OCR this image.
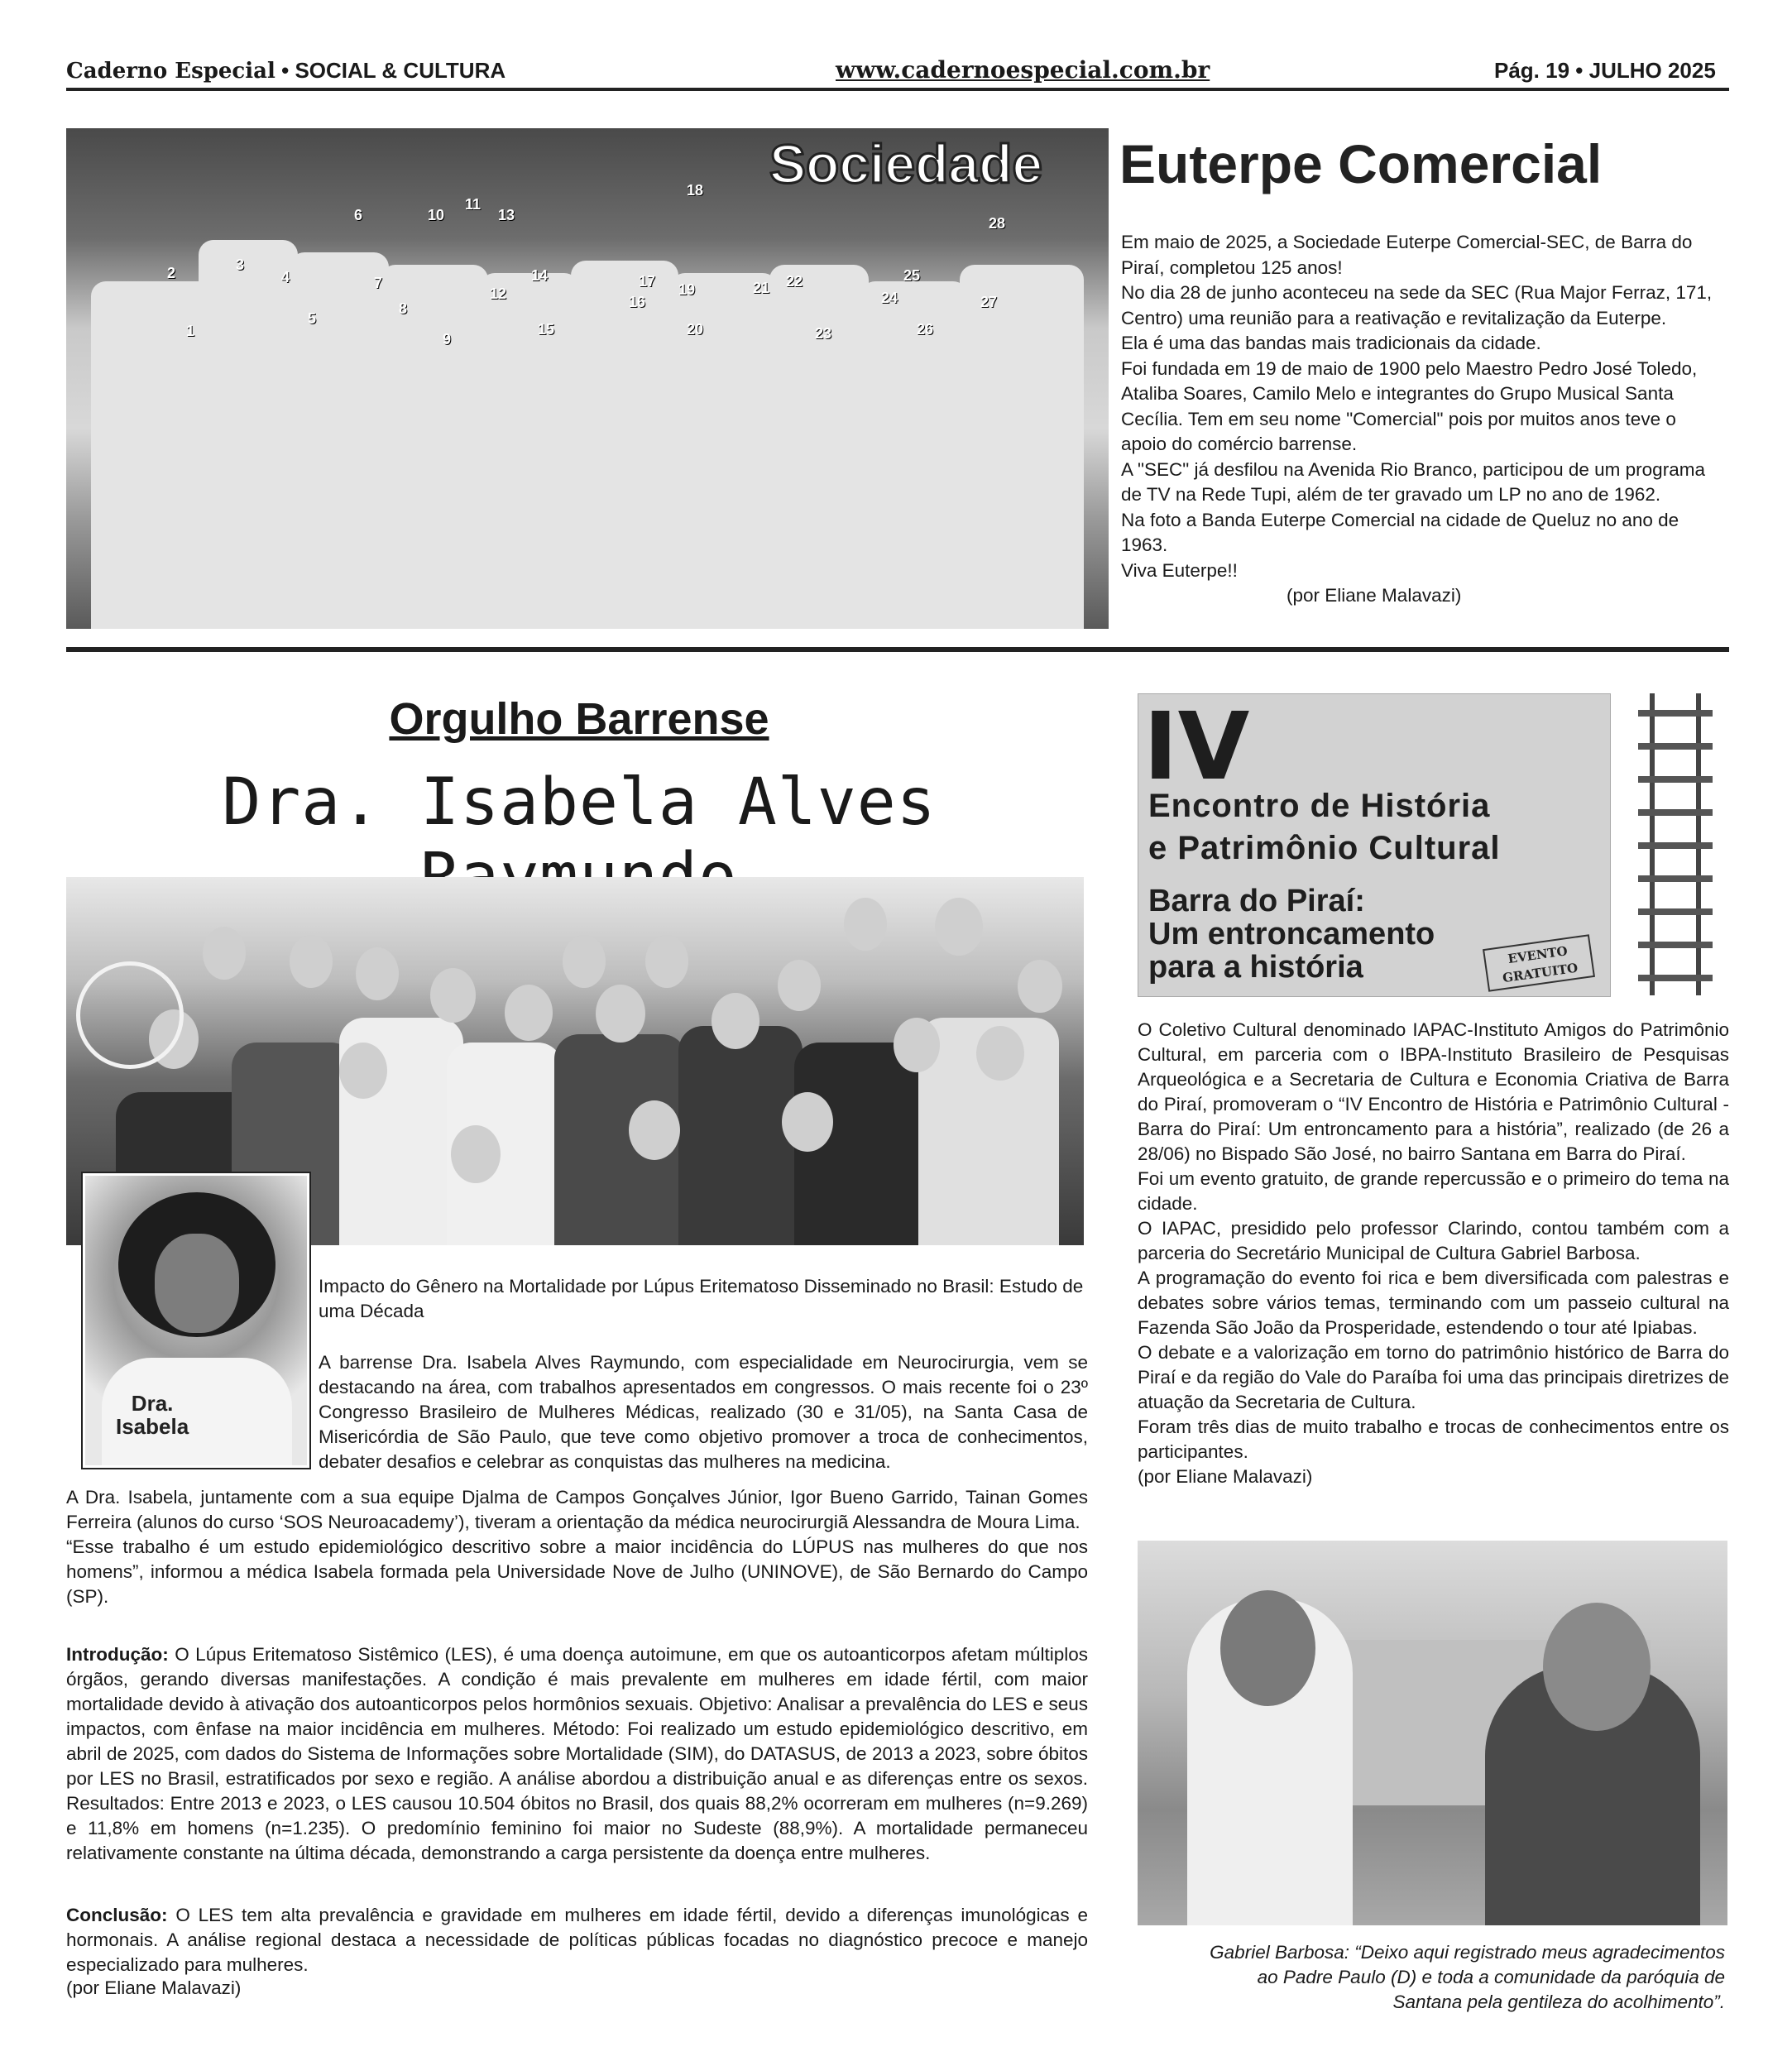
Caderno Especial • SOCIAL & CULTURA	www.cadernoespecial.com.br	Pág. 19 • JULHO 2025
1
2	3
4
5
6
7
8
9
10
11
12
13
14
15
16
17
18
19
20
21 22
23
24
25
26
27
28
Sociedade Euterpe Comercial

Em maio de 2025, a Sociedade Euterpe Comercial-SEC, de Barra do Piraí, completou 125 anos!

No dia 28 de junho aconteceu na sede da SEC (Rua Major Ferraz, 171, Centro) uma reunião para a reativação e revitalização da Euterpe.

Ela é uma das bandas mais tradicionais da cidade.

Foi fundada em 19 de maio de 1900 pelo Maestro Pedro José Toledo, Ataliba Soares, Camilo Melo e integrantes do Grupo Musical Santa Cecília. Tem em seu nome "Comercial" pois por muitos anos teve o apoio do comércio barrense.

A "SEC" já desfilou na Avenida Rio Branco, participou de um programa de TV na Rede Tupi, além de ter gravado um LP no ano de 1962.

Na foto a Banda Euterpe Comercial na cidade de Queluz no ano de 1963.

Viva Euterpe!!

(por Eliane Malavazi)

Orgulho Barrense
Dra. Isabela Alves
Dra.
Isabela
Impacto do Gênero na Mortalidade por Lúpus Eritematoso Disseminado no Brasil: Estudo de uma Década
A barrense Dra. Isabela Alves Raymundo, com especialidade em Neurocirurgia, vem se destacando na área, com trabalhos apresentados em congressos. O mais recente foi o 23º Congresso Brasileiro de Mulheres Médicas, realizado (30 e 31/05), na Santa Casa de Misericórdia de São Paulo, que teve como objetivo promover a troca de conhecimentos, debater desafios e celebrar as conquistas das mulheres na medicina.

A Dra. Isabela, juntamente com a sua equipe Djalma de Campos Gonçalves Júnior, Igor Bueno Garrido, Tainan Gomes Ferreira (alunos do curso ‘SOS Neuroacademy’), tiveram a orientação da médica neurocirurgiã Alessandra de Moura Lima.

“Esse trabalho é um estudo epidemiológico descritivo sobre a maior incidência do LÚPUS nas mulheres do que nos homens”, informou a médica Isabela formada pela Universidade Nove de Julho (UNINOVE), de São Bernardo do Campo (SP).

Introdução: O Lúpus Eritematoso Sistêmico (LES), é uma doença autoimune, em que os autoanticorpos afetam múltiplos órgãos, gerando diversas manifestações. A condição é mais prevalente em mulheres em idade fértil, com maior mortalidade devido à ativação dos autoanticorpos pelos hormônios sexuais. Objetivo: Analisar a prevalência do LES e seus impactos, com ênfase na maior incidência em mulheres. Método: Foi realizado um estudo epidemiológico descritivo, em abril de 2025, com dados do Sistema de Informações sobre Mortalidade (SIM), do DATASUS, de 2013 a 2023, sobre óbitos por LES no Brasil, estratificados por sexo e região. A análise abordou a distribuição anual e as diferenças entre os sexos. Resultados: Entre 2013 e 2023, o LES causou 10.504 óbitos no Brasil, dos quais 88,2% ocorreram em mulheres (n=9.269) e 11,8% em homens (n=1.235). O predomínio feminino foi maior no Sudeste (88,9%). A mortalidade permaneceu relativamente constante na última década, demonstrando a carga persistente da doença entre mulheres.
Conclusão: O LES tem alta prevalência e gravidade em mulheres em idade fértil, devido a diferenças imunológicas e hormonais. A análise regional destaca a necessidade de políticas públicas focadas no diagnóstico precoce e manejo especializado para mulheres.
(por Eliane Malavazi)
IV
Encontro de História
e Patrimônio Cultural
Barra do Piraí:
Um entroncamento
para a história	EVENTO
GRATUITO

O Coletivo Cultural denominado IAPAC-Instituto Amigos do Patrimônio Cultural, em parceria com o IBPA-Instituto Brasileiro de Pesquisas Arqueológica e a Secretaria de Cultura e Economia Criativa de Barra do Piraí, promoveram o “IV Encontro de História e Patrimônio Cultural - Barra do Piraí: Um entroncamento para a história”, realizado (de 26 a 28/06) no Bispado São José, no bairro Santana em Barra do Piraí.

Foi um evento gratuito, de grande repercussão e o primeiro do tema na cidade.

O IAPAC, presidido pelo professor Clarindo, contou também com a parceria do Secretário Municipal de Cultura Gabriel Barbosa.

A programação do evento foi rica e bem diversificada com palestras e debates sobre vários temas, terminando com um passeio cultural na Fazenda São João da Prosperidade, estendendo o tour até Ipiabas.

O debate e a valorização em torno do patrimônio histórico de Barra do Piraí e da região do Vale do Paraíba foi uma das principais diretrizes de atuação da Secretaria de Cultura.

Foram três dias de muito trabalho e trocas de conhecimentos entre os participantes.

(por Eliane Malavazi)

Gabriel Barbosa: “Deixo aqui registrado meus agradecimentos
ao Padre Paulo (D) e toda a comunidade da paróquia de
Santana pela gentileza do acolhimento”.
